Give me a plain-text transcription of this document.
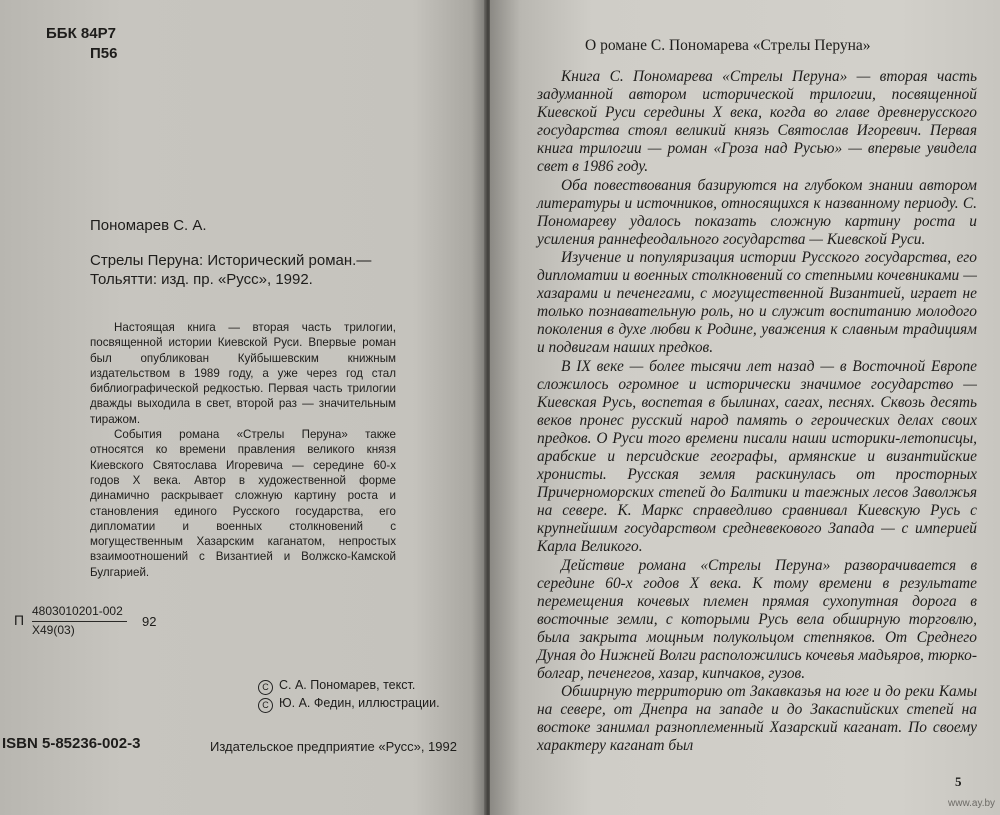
ББК 84Р7
П56
Пономарев С. А.
Стрелы Перуна: Исторический роман.—
Тольятти: изд. пр. «Русс», 1992.

Настоящая книга — вторая часть трилогии, посвященной истории Киевской Руси. Впервые роман был опубликован Куйбышевским книжным издательством в 1989 году, а уже через год стал библиографической редкостью. Первая часть трилогии дважды выходила в свет, второй раз — значительным тиражом.

События романа «Стрелы Перуна» также относятся ко времени правления великого князя Киевского Святослава Игоревича — середине 60-х годов X века. Автор в художественной форме динамично раскрывает сложную картину роста и становления единого Русского государства, его дипломатии и военных столкновений с могущественным Хазарским каганатом, непростых взаимоотношений с Византией и Волжско-Камской Булгарией.

П
4803010201-002
Х49(03)
92
C С. А. Пономарев, текст.
C Ю. А. Федин, иллюстрации.
ISBN 5-85236-002-3	Издательское предприятие «Русс», 1992
О романе С. Пономарева «Стрелы Перуна»

Книга С. Пономарева «Стрелы Перуна» — вторая часть задуманной автором исторической трилогии, посвященной Киевской Руси середины X века, когда во главе древнерусского государства стоял великий князь Святослав Игоревич. Первая книга трилогии — роман «Гроза над Русью» — впервые увидела свет в 1986 году.

Оба повествования базируются на глубоком знании автором литературы и источников, относящихся к названному периоду. С. Пономареву удалось показать сложную картину роста и усиления раннефеодального государства — Киевской Руси.

Изучение и популяризация истории Русского государства, его дипломатии и военных столкновений со степными кочевниками — хазарами и печенегами, с могущественной Византией, играет не только познавательную роль, но и служит воспитанию молодого поколения в духе любви к Родине, уважения к славным традициям и подвигам наших предков.

В IX веке — более тысячи лет назад — в Восточной Европе сложилось огромное и исторически значимое государство — Киевская Русь, воспетая в былинах, сагах, песнях. Сквозь десять веков пронес русский народ память о героических делах своих предков. О Руси того времени писали наши историки-летописцы, арабские и персидские географы, армянские и византийские хронисты. Русская земля раскинулась от просторных Причерноморских степей до Балтики и таежных лесов Заволжья на севере. К. Маркс справедливо сравнивал Киевскую Русь с крупнейшим государством средневекового Запада — с империей Карла Великого.

Действие романа «Стрелы Перуна» разворачивается в середине 60-х годов X века. К тому времени в результате перемещения кочевых племен прямая сухопутная дорога в восточные земли, с которыми Русь вела обширную торговлю, была закрыта мощным полукольцом степняков. От Среднего Дуная до Нижней Волги расположились кочевья мадьяров, тюрко-болгар, печенегов, хазар, кипчаков, гузов.

Обширную территорию от Закавказья на юге и до реки Камы на севере, от Днепра на западе и до Закаспийских степей на востоке занимал разноплеменный Хазарский каганат. По своему характеру каганат был

5
www.ay.by
